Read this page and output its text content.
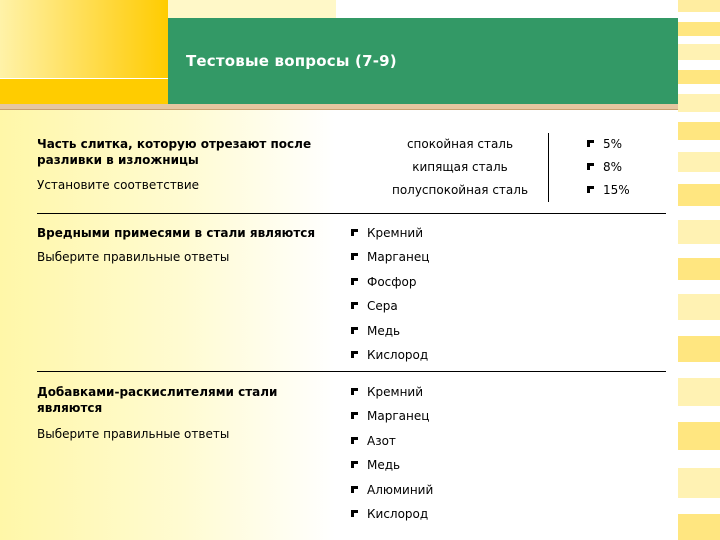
Тестовые вопросы (7-9)
Часть слитка, которую отрезают после разливки в изложницы
Установите соответствие
спокойная сталь
кипящая сталь
полуспокойная сталь
5%
8%
15%
Вредными примесями в стали являются
Выберите правильные ответы
Кремний
Марганец
Фосфор
Сера
Медь
Кислород
Добавками-раскислителями стали являются
Выберите правильные ответы
Кремний
Марганец
Азот
Медь
Алюминий
Кислород
